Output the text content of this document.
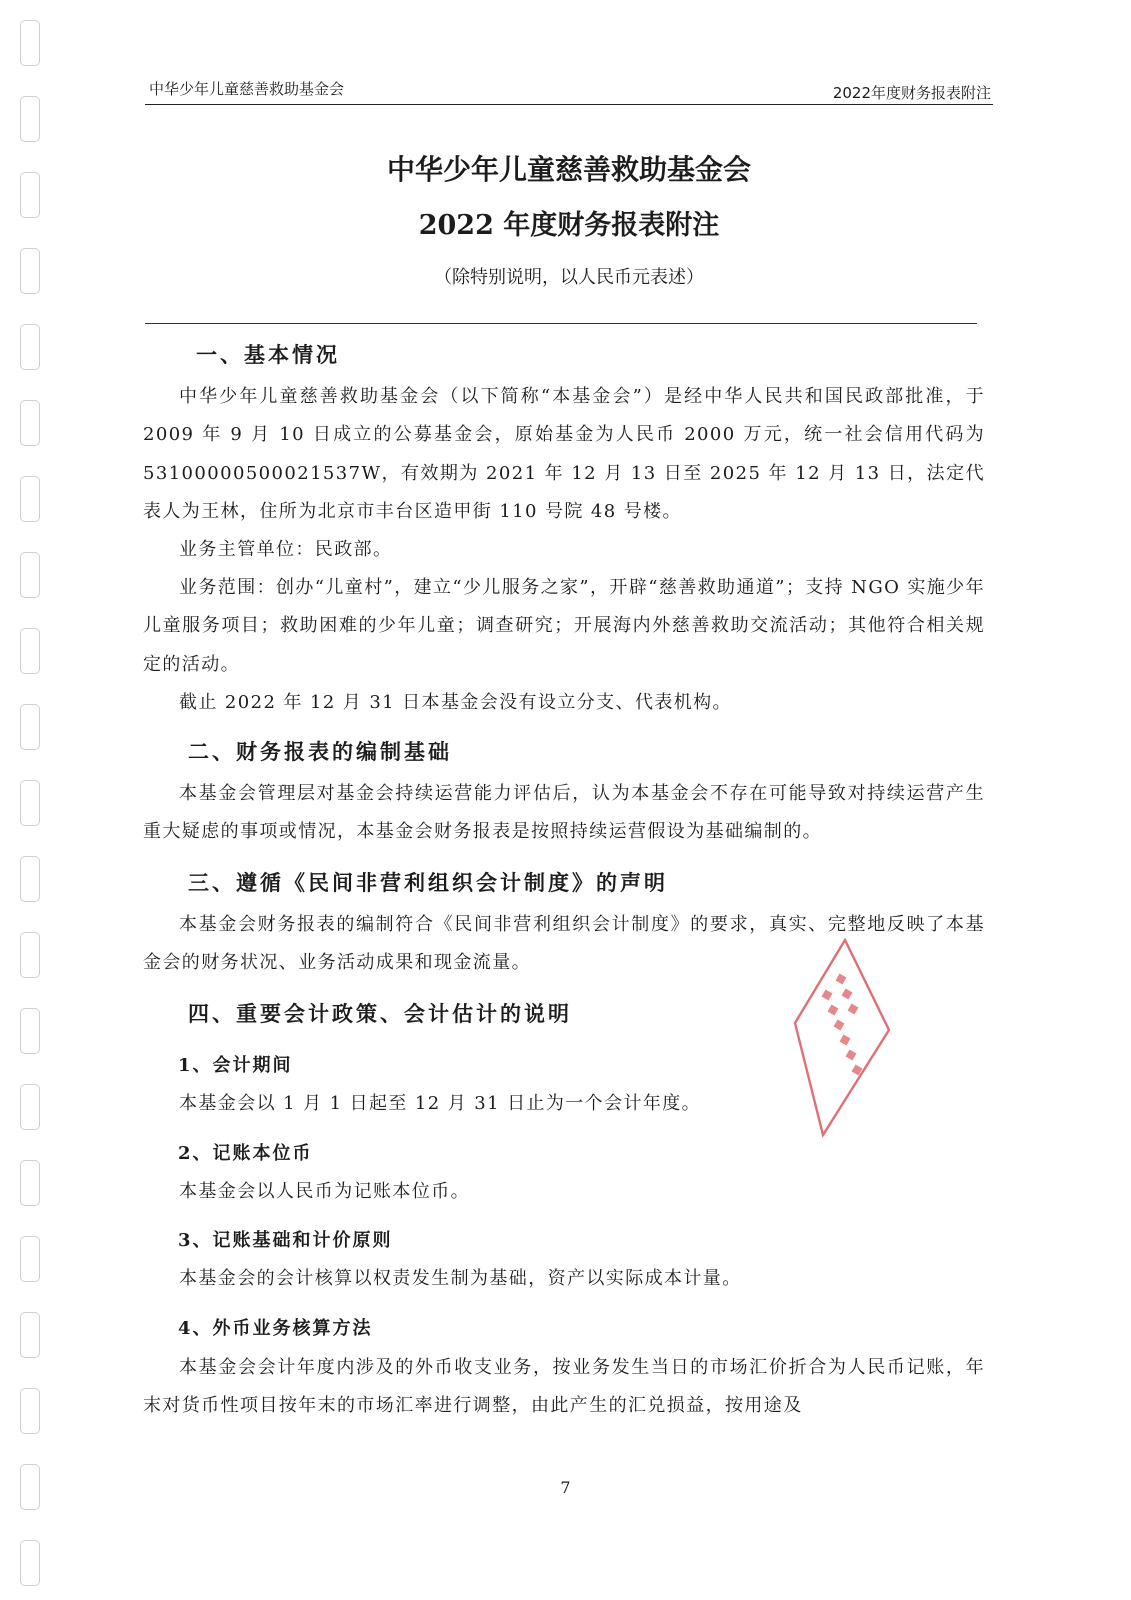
中华少年儿童慈善救助基金会	2022年度财务报表附注
中华少年儿童慈善救助基金会
2022 年度财务报表附注
（除特别说明，以人民币元表述）
一、基本情况
中华少年儿童慈善救助基金会（以下简称“本基金会”）是经中华人民共和国民政部批准，于 2009 年 9 月 10 日成立的公募基金会，原始基金为人民币 2000 万元，统一社会信用代码为 53100000500021537W，有效期为 2021 年 12 月 13 日至 2025 年 12 月 13 日，法定代表人为王林，住所为北京市丰台区造甲街 110 号院 48 号楼。
业务主管单位：民政部。
业务范围：创办“儿童村”，建立“少儿服务之家”，开辟“慈善救助通道”；支持 NGO 实施少年儿童服务项目；救助困难的少年儿童；调查研究；开展海内外慈善救助交流活动；其他符合相关规定的活动。
截止 2022 年 12 月 31 日本基金会没有设立分支、代表机构。
二、财务报表的编制基础
本基金会管理层对基金会持续运营能力评估后，认为本基金会不存在可能导致对持续运营产生重大疑虑的事项或情况，本基金会财务报表是按照持续运营假设为基础编制的。
三、遵循《民间非营利组织会计制度》的声明
本基金会财务报表的编制符合《民间非营利组织会计制度》的要求，真实、完整地反映了本基金会的财务状况、业务活动成果和现金流量。
四、重要会计政策、会计估计的说明
1、会计期间
本基金会以 1 月 1 日起至 12 月 31 日止为一个会计年度。
2、记账本位币
本基金会以人民币为记账本位币。
3、记账基础和计价原则
本基金会的会计核算以权责发生制为基础，资产以实际成本计量。
4、外币业务核算方法
本基金会会计年度内涉及的外币收支业务，按业务发生当日的市场汇价折合为人民币记账，年末对货币性项目按年末的市场汇率进行调整，由此产生的汇兑损益，按用途及
7
